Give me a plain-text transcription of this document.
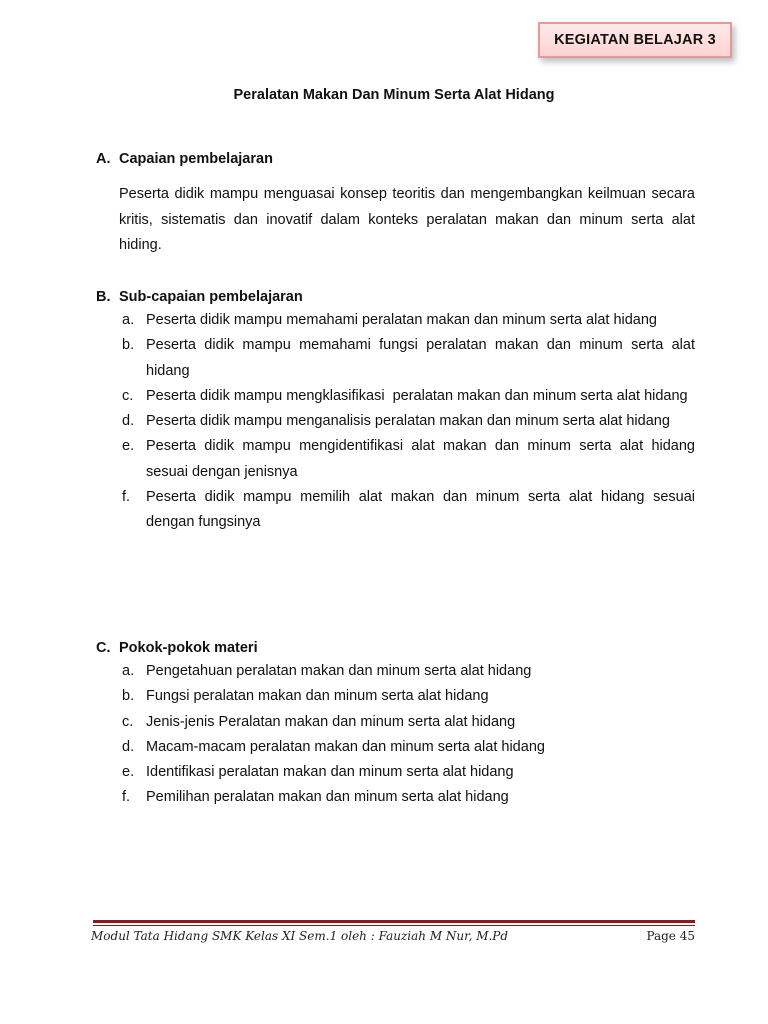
KEGIATAN BELAJAR 3
Peralatan Makan Dan Minum Serta Alat Hidang
A. Capaian pembelajaran
Peserta didik mampu menguasai konsep teoritis dan mengembangkan keilmuan secara kritis, sistematis dan inovatif dalam konteks peralatan makan dan minum serta alat hiding.
B. Sub-capaian pembelajaran
a. Peserta didik mampu memahami peralatan makan dan minum serta alat hidang
b. Peserta didik mampu memahami fungsi peralatan makan dan minum serta alat hidang
c. Peserta didik mampu mengklasifikasi  peralatan makan dan minum serta alat hidang
d. Peserta didik mampu menganalisis peralatan makan dan minum serta alat hidang
e. Peserta didik mampu mengidentifikasi alat makan dan minum serta alat hidang sesuai dengan jenisnya
f. Peserta didik mampu memilih alat makan dan minum serta alat hidang sesuai dengan fungsinya
C. Pokok-pokok materi
a. Pengetahuan peralatan makan dan minum serta alat hidang
b. Fungsi peralatan makan dan minum serta alat hidang
c. Jenis-jenis Peralatan makan dan minum serta alat hidang
d. Macam-macam peralatan makan dan minum serta alat hidang
e. Identifikasi peralatan makan dan minum serta alat hidang
f. Pemilihan peralatan makan dan minum serta alat hidang
Modul Tata Hidang SMK Kelas XI Sem.1 oleh : Fauziah M Nur, M.Pd	Page 45
